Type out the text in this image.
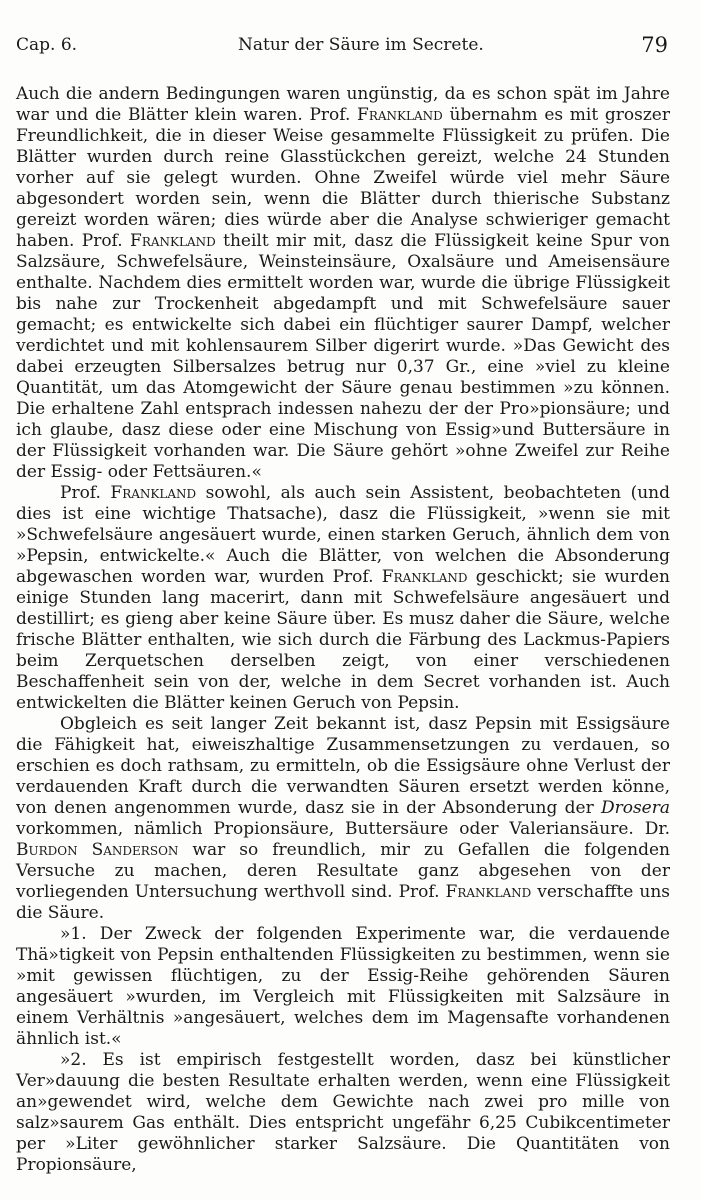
Cap. 6.	Natur der Säure im Secrete.	79

Auch die andern Bedingungen waren ungünstig, da es schon spät im Jahre war und die Blätter klein waren. Prof. Frankland übernahm es mit groszer Freundlichkeit, die in dieser Weise gesammelte Flüssigkeit zu prüfen. Die Blätter wurden durch reine Glasstückchen gereizt, welche 24 Stunden vorher auf sie gelegt wurden. Ohne Zweifel würde viel mehr Säure abgesondert worden sein, wenn die Blätter durch thierische Substanz gereizt worden wären; dies würde aber die Analyse schwieriger gemacht haben. Prof. Frankland theilt mir mit, dasz die Flüssigkeit keine Spur von Salzsäure, Schwefelsäure, Weinsteinsäure, Oxalsäure und Ameisensäure enthalte. Nachdem dies ermittelt worden war, wurde die übrige Flüssigkeit bis nahe zur Trockenheit abgedampft und mit Schwefelsäure sauer gemacht; es entwickelte sich dabei ein flüchtiger saurer Dampf, welcher verdichtet und mit kohlensaurem Silber digerirt wurde. »Das Gewicht des dabei erzeugten Silbersalzes betrug nur 0,37 Gr., eine »viel zu kleine Quantität, um das Atomgewicht der Säure genau bestimmen »zu können. Die erhaltene Zahl entsprach indessen nahezu der der Pro»pionsäure; und ich glaube, dasz diese oder eine Mischung von Essig»und Buttersäure in der Flüssigkeit vorhanden war. Die Säure gehört »ohne Zweifel zur Reihe der Essig- oder Fettsäuren.«

Prof. Frankland sowohl, als auch sein Assistent, beobachteten (und dies ist eine wichtige Thatsache), dasz die Flüssigkeit, »wenn sie mit »Schwefelsäure angesäuert wurde, einen starken Geruch, ähnlich dem von »Pepsin, entwickelte.« Auch die Blätter, von welchen die Absonderung abgewaschen worden war, wurden Prof. Frankland geschickt; sie wurden einige Stunden lang macerirt, dann mit Schwefelsäure angesäuert und destillirt; es gieng aber keine Säure über. Es musz daher die Säure, welche frische Blätter enthalten, wie sich durch die Färbung des Lackmus-Papiers beim Zerquetschen derselben zeigt, von einer verschiedenen Beschaffenheit sein von der, welche in dem Secret vorhanden ist. Auch entwickelten die Blätter keinen Geruch von Pepsin.

Obgleich es seit langer Zeit bekannt ist, dasz Pepsin mit Essigsäure die Fähigkeit hat, eiweiszhaltige Zusammensetzungen zu verdauen, so erschien es doch rathsam, zu ermitteln, ob die Essigsäure ohne Verlust der verdauenden Kraft durch die verwandten Säuren ersetzt werden könne, von denen angenommen wurde, dasz sie in der Absonderung der Drosera vorkommen, nämlich Propionsäure, Buttersäure oder Valeriansäure. Dr. Burdon Sanderson war so freundlich, mir zu Gefallen die folgenden Versuche zu machen, deren Resultate ganz abgesehen von der vorliegenden Untersuchung werthvoll sind. Prof. Frankland verschaffte uns die Säure.

»1. Der Zweck der folgenden Experimente war, die verdauende Thä»tigkeit von Pepsin enthaltenden Flüssigkeiten zu bestimmen, wenn sie »mit gewissen flüchtigen, zu der Essig-Reihe gehörenden Säuren angesäuert »wurden, im Vergleich mit Flüssigkeiten mit Salzsäure in einem Verhältnis »angesäuert, welches dem im Magensafte vorhandenen ähnlich ist.«

»2. Es ist empirisch festgestellt worden, dasz bei künstlicher Ver»dauung die besten Resultate erhalten werden, wenn eine Flüssigkeit an»gewendet wird, welche dem Gewichte nach zwei pro mille von salz»saurem Gas enthält. Dies entspricht ungefähr 6,25 Cubikcentimeter per »Liter gewöhnlicher starker Salzsäure. Die Quantitäten von Propionsäure,
